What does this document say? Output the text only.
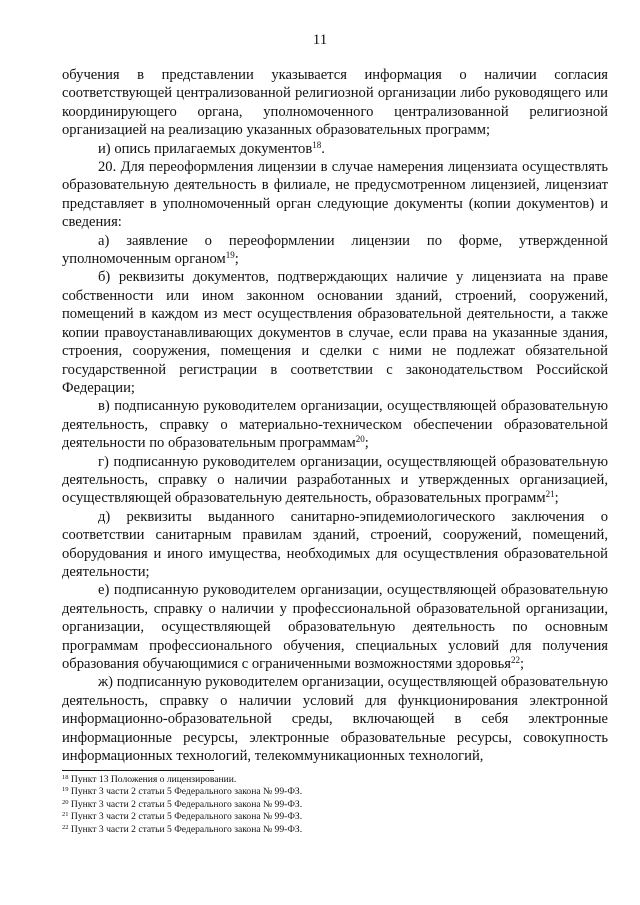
11

обучения в представлении указывается информация о наличии согласия соответствующей централизованной религиозной организации либо руководящего или координирующего органа, уполномоченного централизованной религиозной организацией на реализацию указанных образовательных программ;

и) опись прилагаемых документов$^{18}$.

20. Для переоформления лицензии в случае намерения лицензиата осуществлять образовательную деятельность в филиале, не предусмотренном лицензией, лицензиат представляет в уполномоченный орган следующие документы (копии документов) и сведения:

а) заявление о переоформлении лицензии по форме, утвержденной уполномоченным органом$^{19}$;

б) реквизиты документов, подтверждающих наличие у лицензиата на праве собственности или ином законном основании зданий, строений, сооружений, помещений в каждом из мест осуществления образовательной деятельности, а также копии правоустанавливающих документов в случае, если права на указанные здания, строения, сооружения, помещения и сделки с ними не подлежат обязательной государственной регистрации в соответствии с законодательством Российской Федерации;

в) подписанную руководителем организации, осуществляющей образовательную деятельность, справку о материально-техническом обеспечении образовательной деятельности по образовательным программам$^{20}$;

г) подписанную руководителем организации, осуществляющей образовательную деятельность, справку о наличии разработанных и утвержденных организацией, осуществляющей образовательную деятельность, образовательных программ$^{21}$;

д) реквизиты выданного санитарно-эпидемиологического заключения о соответствии санитарным правилам зданий, строений, сооружений, помещений, оборудования и иного имущества, необходимых для осуществления образовательной деятельности;

е) подписанную руководителем организации, осуществляющей образовательную деятельность, справку о наличии у профессиональной образовательной организации, организации, осуществляющей образовательную деятельность по основным программам профессионального обучения, специальных условий для получения образования обучающимися с ограниченными возможностями здоровья$^{22}$;

ж) подписанную руководителем организации, осуществляющей образовательную деятельность, справку о наличии условий для функционирования электронной информационно-образовательной среды, включающей в себя электронные информационные ресурсы, электронные образовательные ресурсы, совокупность информационных технологий, телекоммуникационных технологий,

$^{18}$ Пункт 13 Положения о лицензировании.

$^{19}$ Пункт 3 части 2 статьи 5 Федерального закона № 99-ФЗ.

$^{20}$ Пункт 3 части 2 статьи 5 Федерального закона № 99-ФЗ.

$^{21}$ Пункт 3 части 2 статьи 5 Федерального закона № 99-ФЗ.

$^{22}$ Пункт 3 части 2 статьи 5 Федерального закона № 99-ФЗ.
